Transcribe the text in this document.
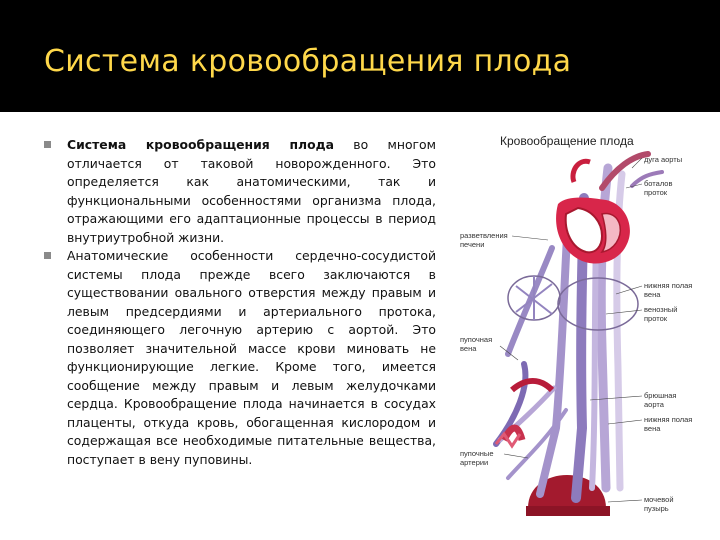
Система кровообращения плода
Система кровообращения плода во многом отличается от таковой новорожденного. Это определяется как анатомическими, так и функциональными особенностями организма плода, отражающими его адаптационные процессы в период внутриутробной жизни.
Анатомические особенности сердечно-сосудистой системы плода прежде всего заключаются в существовании овального отверстия между правым и левым предсердиями и артериального протока, соединяющего легочную артерию с аортой. Это позволяет значительной массе крови миновать не функционирующие легкие. Кроме того, имеется сообщение между правым и левым желудочками сердца. Кровообращение плода начинается в сосудах плаценты, откуда кровь, обогащенная кислородом и содержащая все необходимые питательные вещества, поступает в вену пуповины.
Кровообращение плода
дуга аорты
боталов проток
разветвления печени
нижняя полая вена
венозный проток
пупочная вена
брюшная аорта
нижняя полая вена
пупочные артерии
мочевой пузырь
